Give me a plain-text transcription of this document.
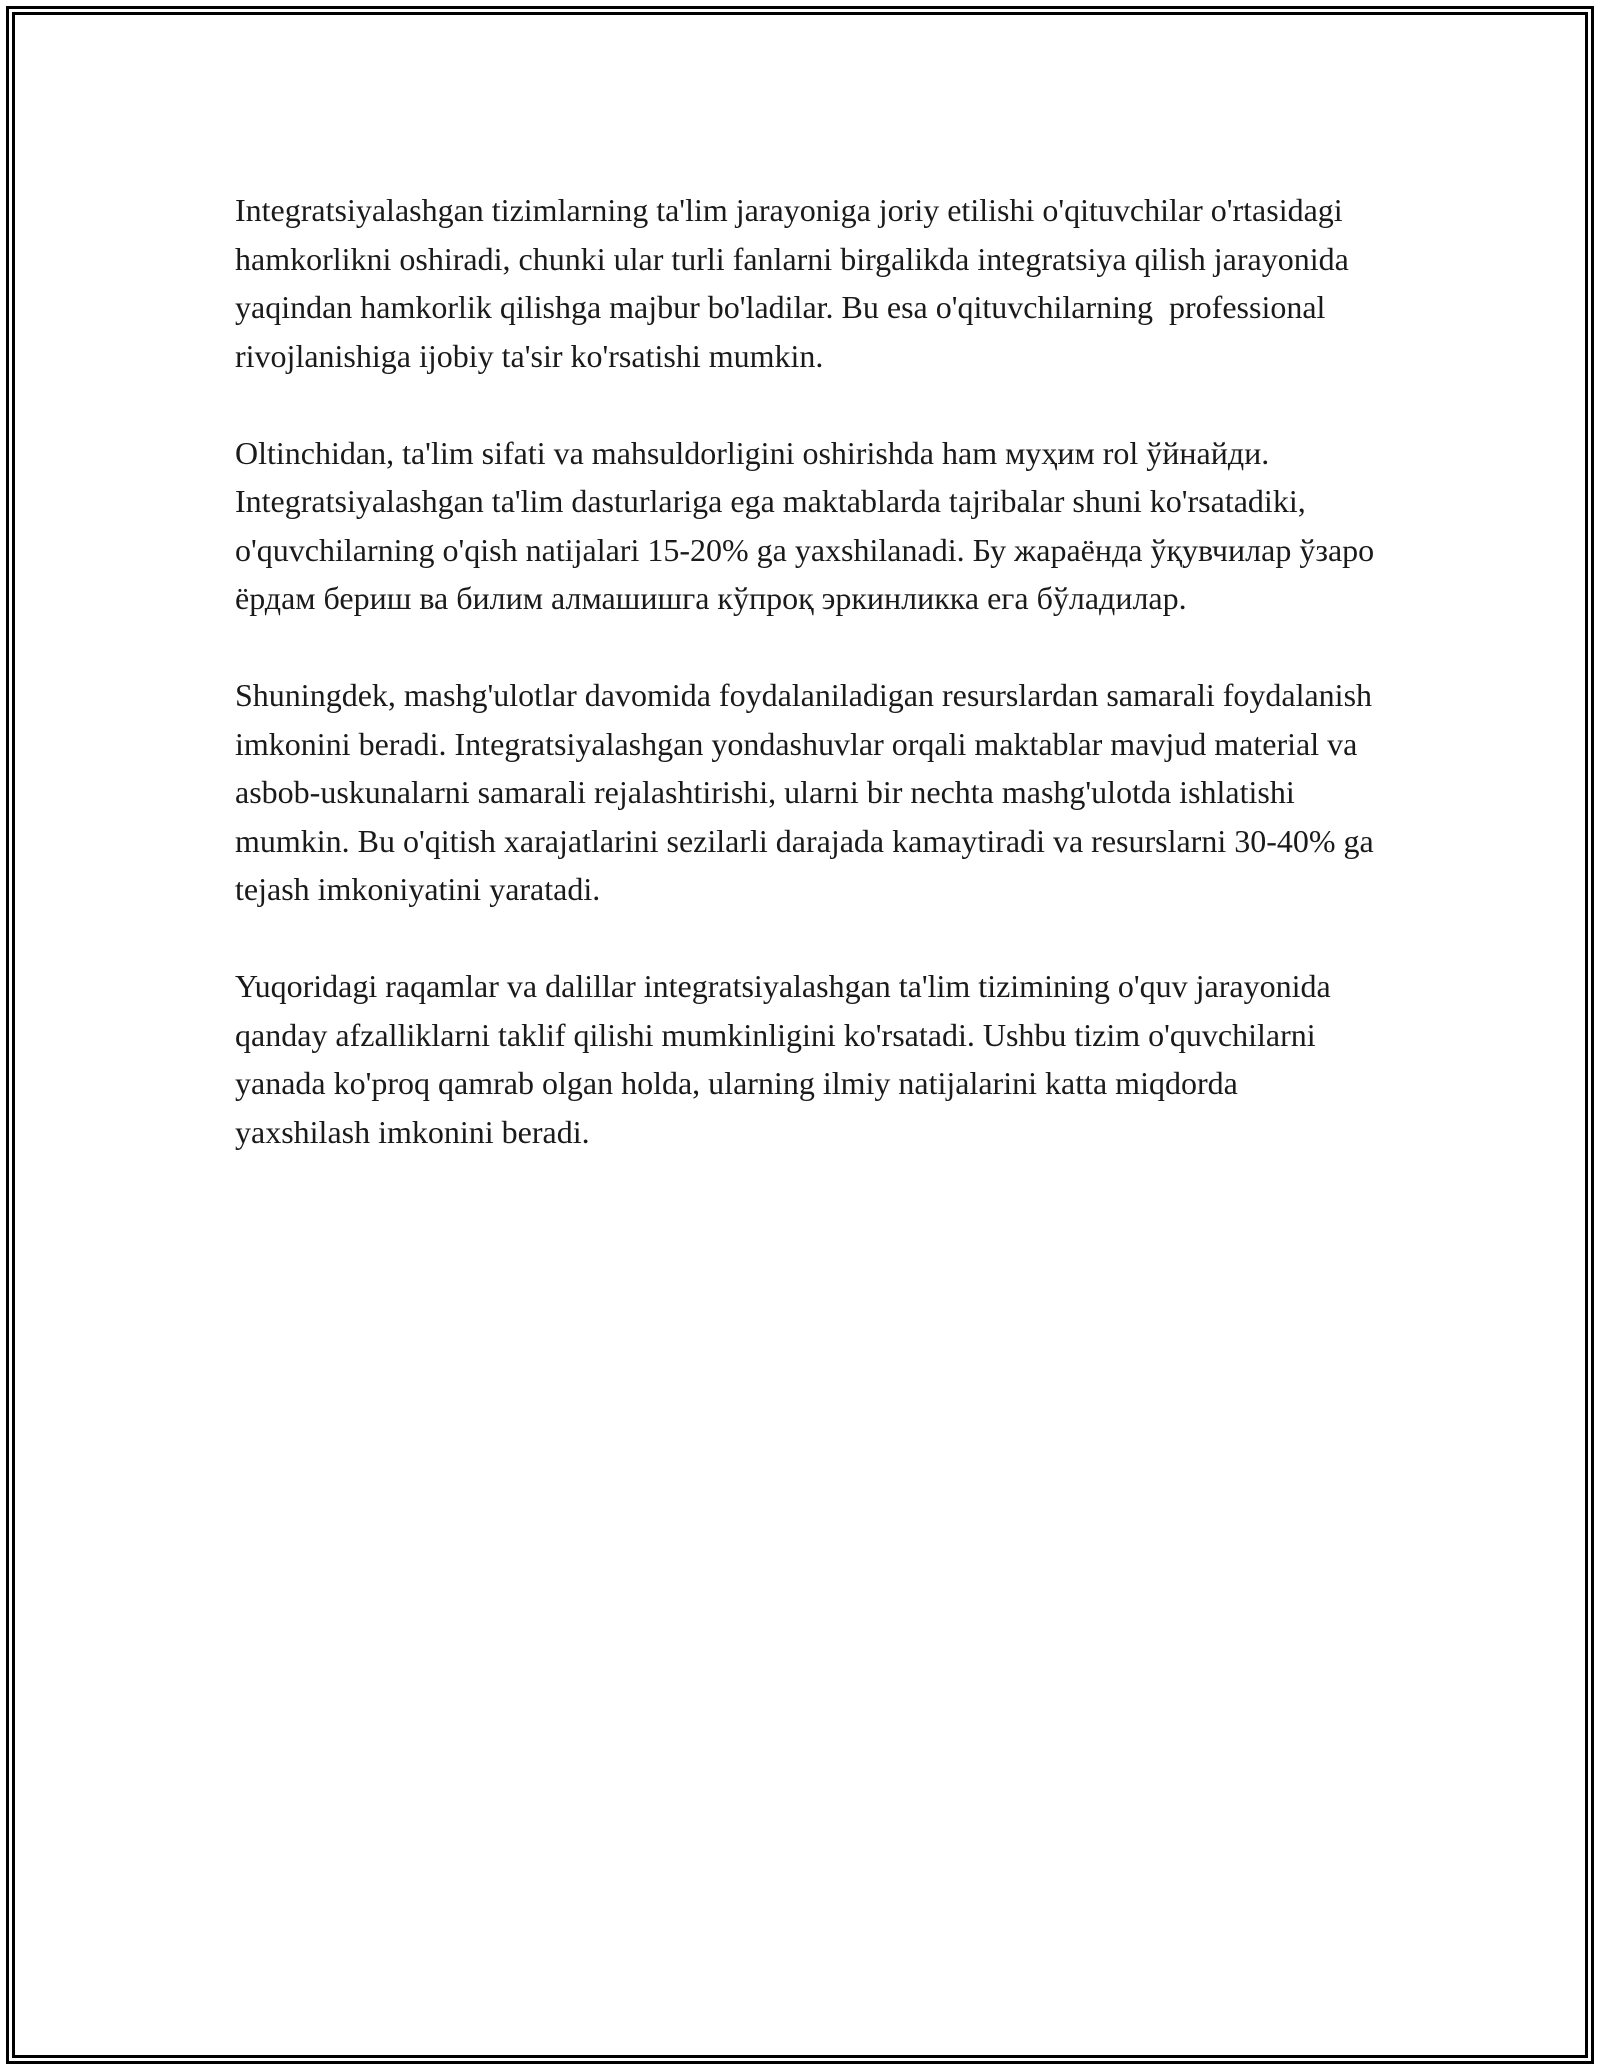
Integratsiyalashgan tizimlarning ta'lim jarayoniga joriy etilishi o'qituvchilar o'rtasidagi hamkorlikni oshiradi, chunki ular turli fanlarni birgalikda integratsiya qilish jarayonida yaqindan hamkorlik qilishga majbur bo'ladilar. Bu esa o'qituvchilarning  professional rivojlanishiga ijobiy ta'sir ko'rsatishi mumkin.

Oltinchidan, ta'lim sifati va mahsuldorligini oshirishda ham муҳим rol ўйнайди. Integratsiyalashgan ta'lim dasturlariga ega maktablarda tajribalar shuni ko'rsatadiki, o'quvchilarning o'qish natijalari 15-20% ga yaxshilanadi. Бу жараёнда ўқувчилар ўзаро ёрдам бериш ва билим алмашишга кўпроқ эркинликка ега бўладилар.

Shuningdek, mashg'ulotlar davomida foydalaniladigan resurslardan samarali foydalanish imkonini beradi. Integratsiyalashgan yondashuvlar orqali maktablar mavjud material va asbob-uskunalarni samarali rejalashtirishi, ularni bir nechta mashg'ulotda ishlatishi mumkin. Bu o'qitish xarajatlarini sezilarli darajada kamaytiradi va resurslarni 30-40% ga tejash imkoniyatini yaratadi.

Yuqoridagi raqamlar va dalillar integratsiyalashgan ta'lim tizimining o'quv jarayonida qanday afzalliklarni taklif qilishi mumkinligini ko'rsatadi. Ushbu tizim o'quvchilarni yanada ko'proq qamrab olgan holda, ularning ilmiy natijalarini katta miqdorda yaxshilash imkonini beradi.
